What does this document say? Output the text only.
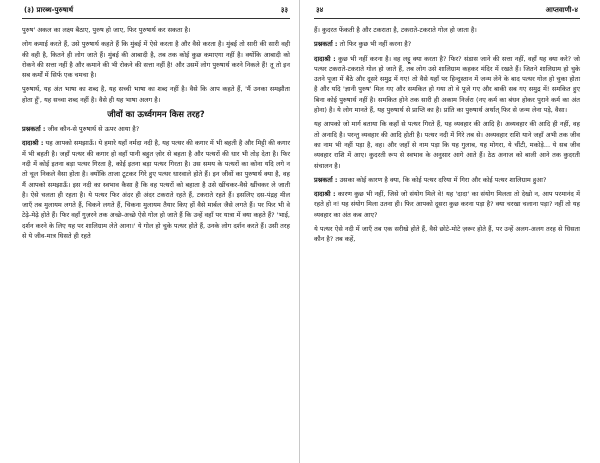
(३) प्रारब्ध-पुरुषार्थ	३३

पुरुष' अकल का लक्ष्य बैठाए, पुरुष हो जाए, फिर पुरुषार्थ कर सकता है।

लोग कमाई करते हैं, उसे पुरुषार्थ कहते हैं कि मुंबई में ऐसे करता है और वैसे करता है। मुंबई तो सारी की सारी वही की वही है, कितने ही लोग जाते हैं। मुंबई की आबादी है, तब तक कोई कुछ कमाएगा नहीं है। क्योंकि आबादी को रोकने की सत्ता नहीं है और कमाने की भी रोकने की सत्ता नहीं है! और उसमें लोग पुरुषार्थ करने निकले हैं! तू तो इन सब कर्मों में सिर्फ एक चमचा है।

पुरुषार्थ, यह अंत भाषा का शब्द है, यह सच्ची भाषा का शब्द नहीं है। वैसे कि आप कहते हैं, 'मैं उनका समझौता होता हूँ', यह सच्चा शब्द नहीं है। वैसे ही यह भाषा अलग है।

जीवों का ऊर्ध्वगमन किस तरह?

प्रश्नकर्ता : जीव कौन-से पुरुषार्थ से ऊपर आया है?

दादाश्री : यह आपको समझाऊँ। ये हमारे यहाँ नर्मदा नदी है, यह पत्थर की कगार में भी बहती है और मिट्टी की कगार में भी बहती है। जहाँ पत्थर की कगार हो वहाँ पानी बहुत ज़ोर से बहता है और पत्थरों की धार भी तोड़ देता है। फिर नदी में कोई इतना बड़ा पत्थर गिरता है, कोई इतना बड़ा पत्थर गिरता है। उस समय के पत्थरों का कोना यदि लगे न तो चूल निकले वैसा होता है। क्योंकि ताजा टूटकर गिरे हुए पत्थर धारवाले होते हैं। इन जीवों का पुरुषार्थ क्या है, वह मैं आपको समझाऊँ। इस नदी का स्वभाव कैसा है कि वह पत्थरों को बहाता है उसे खींचकर-वैसे खींचकर ले जाती है। ऐसे चलता ही रहता है। ये पत्थर फिर अंदर ही अंदर टकराते रहते हैं, टकराते रहते हैं। इसलिए दस-पंद्रह मील जाएँ तब मुलायम लगते हैं, चिकने लगते हैं, चिकना मुलायम तैयार किए हों वैसे मार्बल जैसे लगते हैं। पर फिर भी वे टेढ़े-मेढ़े होते हैं। फिर वहाँ गुज़रने तक अच्छे-अच्छे ऐसे गोल हो जाते हैं कि उन्हें वहाँ पर यात्रा में क्या कहते हैं? 'भाई, दर्शन करने के लिए यह पर शालिग्राम लेते आना।' ये गोल हो चुके पत्थर होते हैं, उनके लोग दर्शन करते हैं। उसी तरह से ये जीव-मात्र घिसते ही रहते

३४	आप्तवाणी-४

हैं। कुदरत फेंकती है और टकराता है, टकराते-टकराते गोल हो जाता है।

प्रश्नकर्ता : तो फिर कुछ भी नहीं करना है?

दादाश्री : कुछ भी नहीं करना है। वह लट्टू क्या करता है? फिर? संडास जाने की सत्ता नहीं, वहाँ यह क्या करे? जो पत्थर टकराते-टकराते गोल हो जाते हैं, तब लोग उसे शालिग्राम कहकर मंदिर में रखते हैं। जितने शालिग्राम हो चुके उतने पूजा में बैठे और दूसरे समुद्र में गए! तो वैसे यहाँ पर हिन्दुस्तान में जन्म लेने के बाद पत्थर गोल हो चुका होता है और यदि 'ज्ञानी पुरुष' मिल गए और समकित हो गया तो वे पूजे गए और बाकी सब गए समुद्र में! समकित हुए बिना कोई पुरुषार्थ नहीं है। समकित होने तक सारी ही अकाम निर्जरा (नए कर्म का बंधन होकर पुराने कर्म का अंत होना) है। ये लोग मानते हैं, यह पुरुषार्थ से प्राप्ति का है। प्रांति का पुरुषार्थ अर्थात् फिर से जन्म लेना पड़े, वैसा।

यह आपको जो मार्ग बताया कि कहाँ से पत्थर गिरते हैं, यह व्यवहार की आदि है। अव्यवहार की आदि ही नहीं, वह तो अनादि है। परन्तु व्यवहार की आदि होती है। पत्थर नदी में गिरे तब से। अव्यवहार राशि याने जहाँ अभी तक जीव का नाम भी नहीं पड़ा है, वह। और जहाँ से नाम पड़ा कि यह गुलाब, यह मोगरा, ये चींटी, मकोड़े... ये सब जीव व्यवहार राशि में आए। कुदरती रूप से स्वभाव के अनुसार आगे आते हैं। ठेठ अनाज को बाली आने तक कुदरती संचालन है।

प्रश्नकर्ता : उसका कोई कारण है क्या, कि कोई पत्थर दरिया में गिरा और कोई पत्थर शालिग्राम हुआ?

दादाश्री : कारण कुछ भी नहीं, जिसे जो संयोग मिले वे! यह 'दादा' का संयोग मिलता तो देखो न, आप परमानंद में रहते हो न! यह संयोग मिला उतना ही। फिर आपको दूसरा कुछ करना पड़ा है? क्या चरखा चलाना पड़ा? नहीं तो यह व्यवहार का अंत कब आए?

ये पत्थर ऐसे नदी में जाएँ तब एक सरीखे होते हैं, वैसे छोटे-मोटे ज़रूर होते हैं, पर उन्हें अलग-अलग तरह से धिसता कौन है? तब कहें,
